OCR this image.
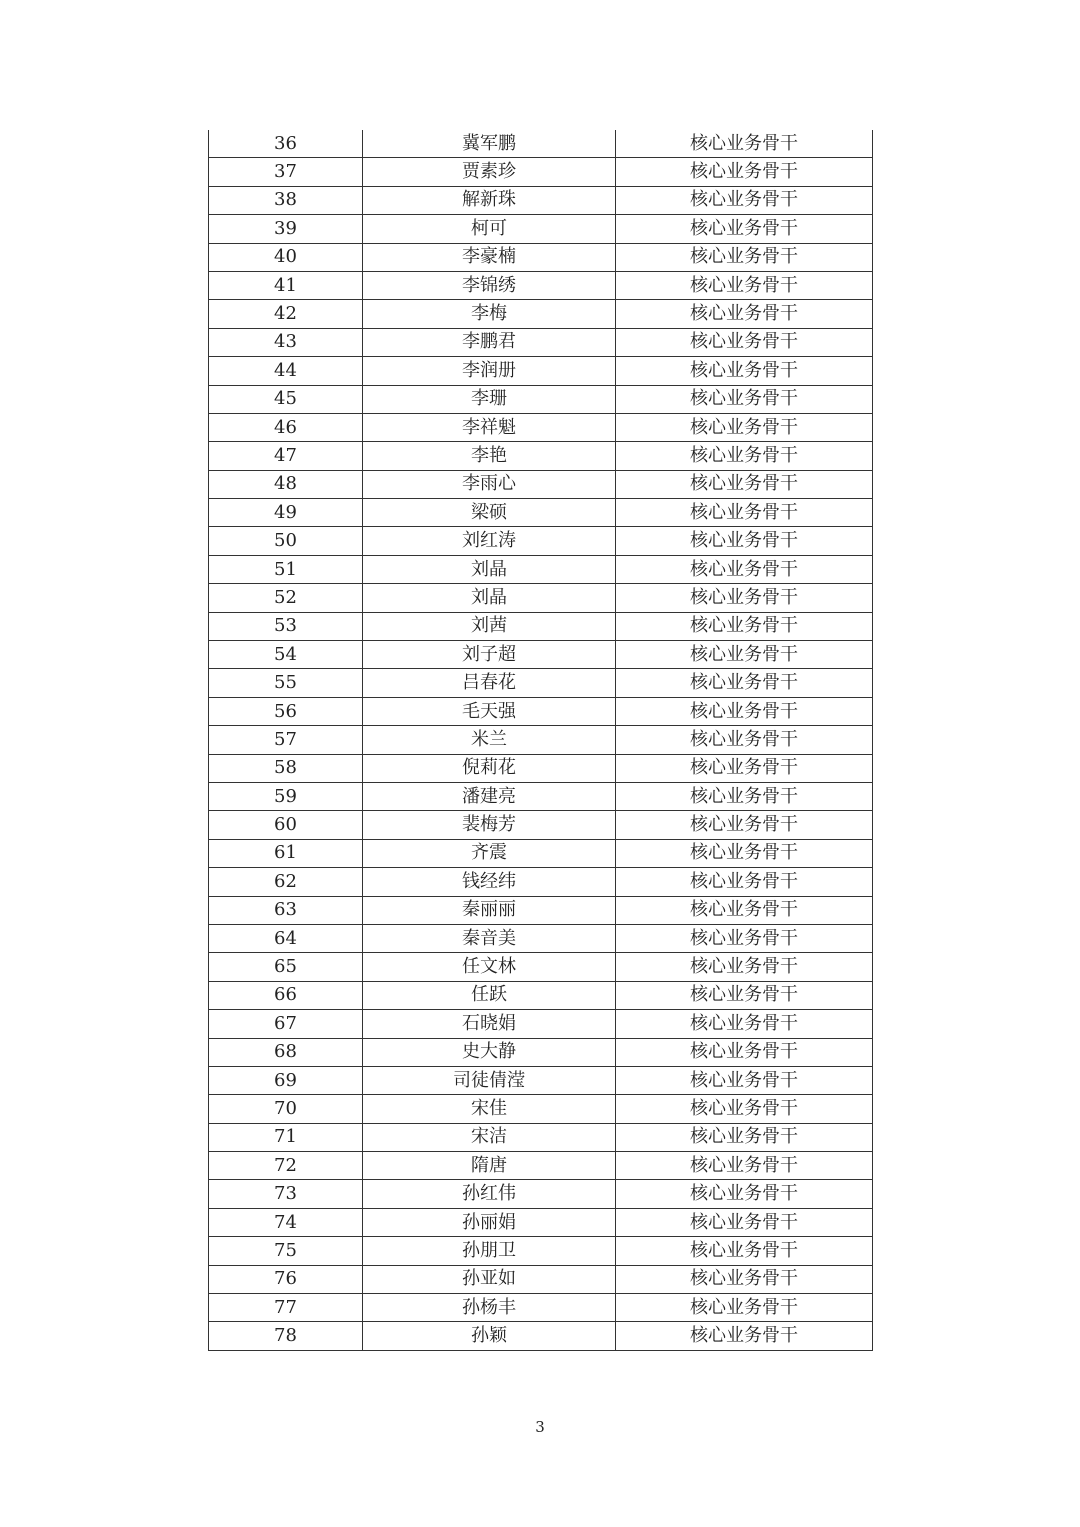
36	冀军鹏	核心业务骨干
37	贾素珍	核心业务骨干
38	解新珠	核心业务骨干
39	柯可	核心业务骨干
40	李豪楠	核心业务骨干
41	李锦绣	核心业务骨干
42	李梅	核心业务骨干
43	李鹏君	核心业务骨干
44	李润册	核心业务骨干
45	李珊	核心业务骨干
46	李祥魁	核心业务骨干
47	李艳	核心业务骨干
48	李雨心	核心业务骨干
49	梁硕	核心业务骨干
50	刘红涛	核心业务骨干
51	刘晶	核心业务骨干
52	刘晶	核心业务骨干
53	刘茜	核心业务骨干
54	刘子超	核心业务骨干
55	吕春花	核心业务骨干
56	毛天强	核心业务骨干
57	米兰	核心业务骨干
58	倪莉花	核心业务骨干
59	潘建亮	核心业务骨干
60	裴梅芳	核心业务骨干
61	齐震	核心业务骨干
62	钱经纬	核心业务骨干
63	秦丽丽	核心业务骨干
64	秦音美	核心业务骨干
65	任文林	核心业务骨干
66	任跃	核心业务骨干
67	石晓娟	核心业务骨干
68	史大静	核心业务骨干
69	司徒倩滢	核心业务骨干
70	宋佳	核心业务骨干
71	宋洁	核心业务骨干
72	隋唐	核心业务骨干
73	孙红伟	核心业务骨干
74	孙丽娟	核心业务骨干
75	孙朋卫	核心业务骨干
76	孙亚如	核心业务骨干
77	孙杨丰	核心业务骨干
78	孙颖	核心业务骨干
3
